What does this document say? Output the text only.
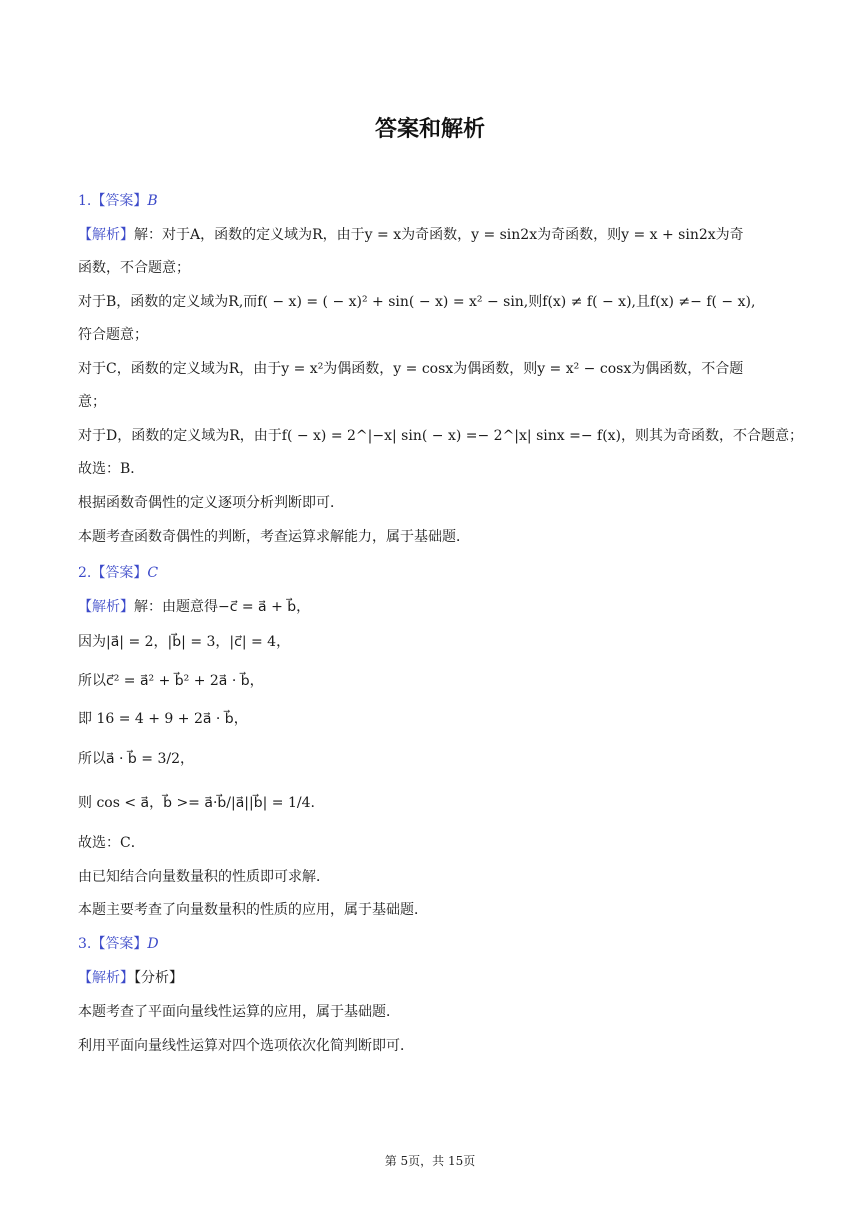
答案和解析
1.【答案】B
【解析】解：对于A，函数的定义域为R，由于y = x为奇函数，y = sin2x为奇函数，则y = x + sin2x为奇
函数，不合题意；
对于B，函数的定义域为R,而f( − x) = ( − x)² + sin( − x) = x² − sin,则f(x) ≠ f( − x),且f(x) ≠− f( − x),
符合题意；
对于C，函数的定义域为R，由于y = x²为偶函数，y = cosx为偶函数，则y = x² − cosx为偶函数，不合题
意；
对于D，函数的定义域为R，由于f( − x) = 2^|−x| sin( − x) =− 2^|x| sinx =− f(x)，则其为奇函数，不合题意；
故选：B．
根据函数奇偶性的定义逐项分析判断即可．
本题考查函数奇偶性的判断，考查运算求解能力，属于基础题．
2.【答案】C
【解析】解：由题意得−c⃗ = a⃗ + b⃗，
因为|a⃗| = 2，|b⃗| = 3，|c⃗| = 4，
所以c⃗² = a⃗² + b⃗² + 2a⃗ · b⃗，
即 16 = 4 + 9 + 2a⃗ · b⃗，
所以a⃗ · b⃗ = 3/2，
则 cos < a⃗，b⃗ >= a⃗·b⃗/|a⃗||b⃗| = 1/4.
故选：C．
由已知结合向量数量积的性质即可求解．
本题主要考查了向量数量积的性质的应用，属于基础题．
3.【答案】D
【解析】【分析】
本题考查了平面向量线性运算的应用，属于基础题．
利用平面向量线性运算对四个选项依次化简判断即可．
第 5页，共 15页
